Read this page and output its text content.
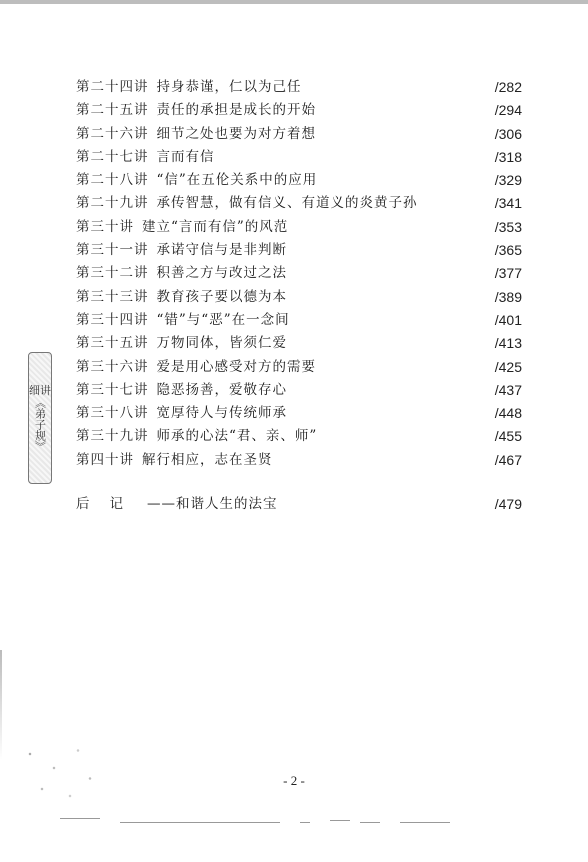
第二十四讲 持身恭谨，仁以为己任	/282
第二十五讲 责任的承担是成长的开始	/294
第二十六讲 细节之处也要为对方着想	/306
第二十七讲 言而有信	/318
第二十八讲 “信”在五伦关系中的应用	/329
第二十九讲 承传智慧，做有信义、有道义的炎黄子孙	/341
第三十讲 建立“言而有信”的风范	/353
第三十一讲 承诺守信与是非判断	/365
第三十二讲 积善之方与改过之法	/377
第三十三讲 教育孩子要以德为本	/389
第三十四讲 “错”与“恶”在一念间	/401
第三十五讲 万物同体，皆须仁爱	/413
第三十六讲 爱是用心感受对方的需要	/425
第三十七讲 隐恶扬善，爱敬存心	/437
第三十八讲 宽厚待人与传统师承	/448
第三十九讲 师承的心法“君、亲、师”	/455
第四十讲 解行相应，志在圣贤	/467
后记 ——和谐人生的法宝	/479
细讲
《弟子规》
- 2 -
